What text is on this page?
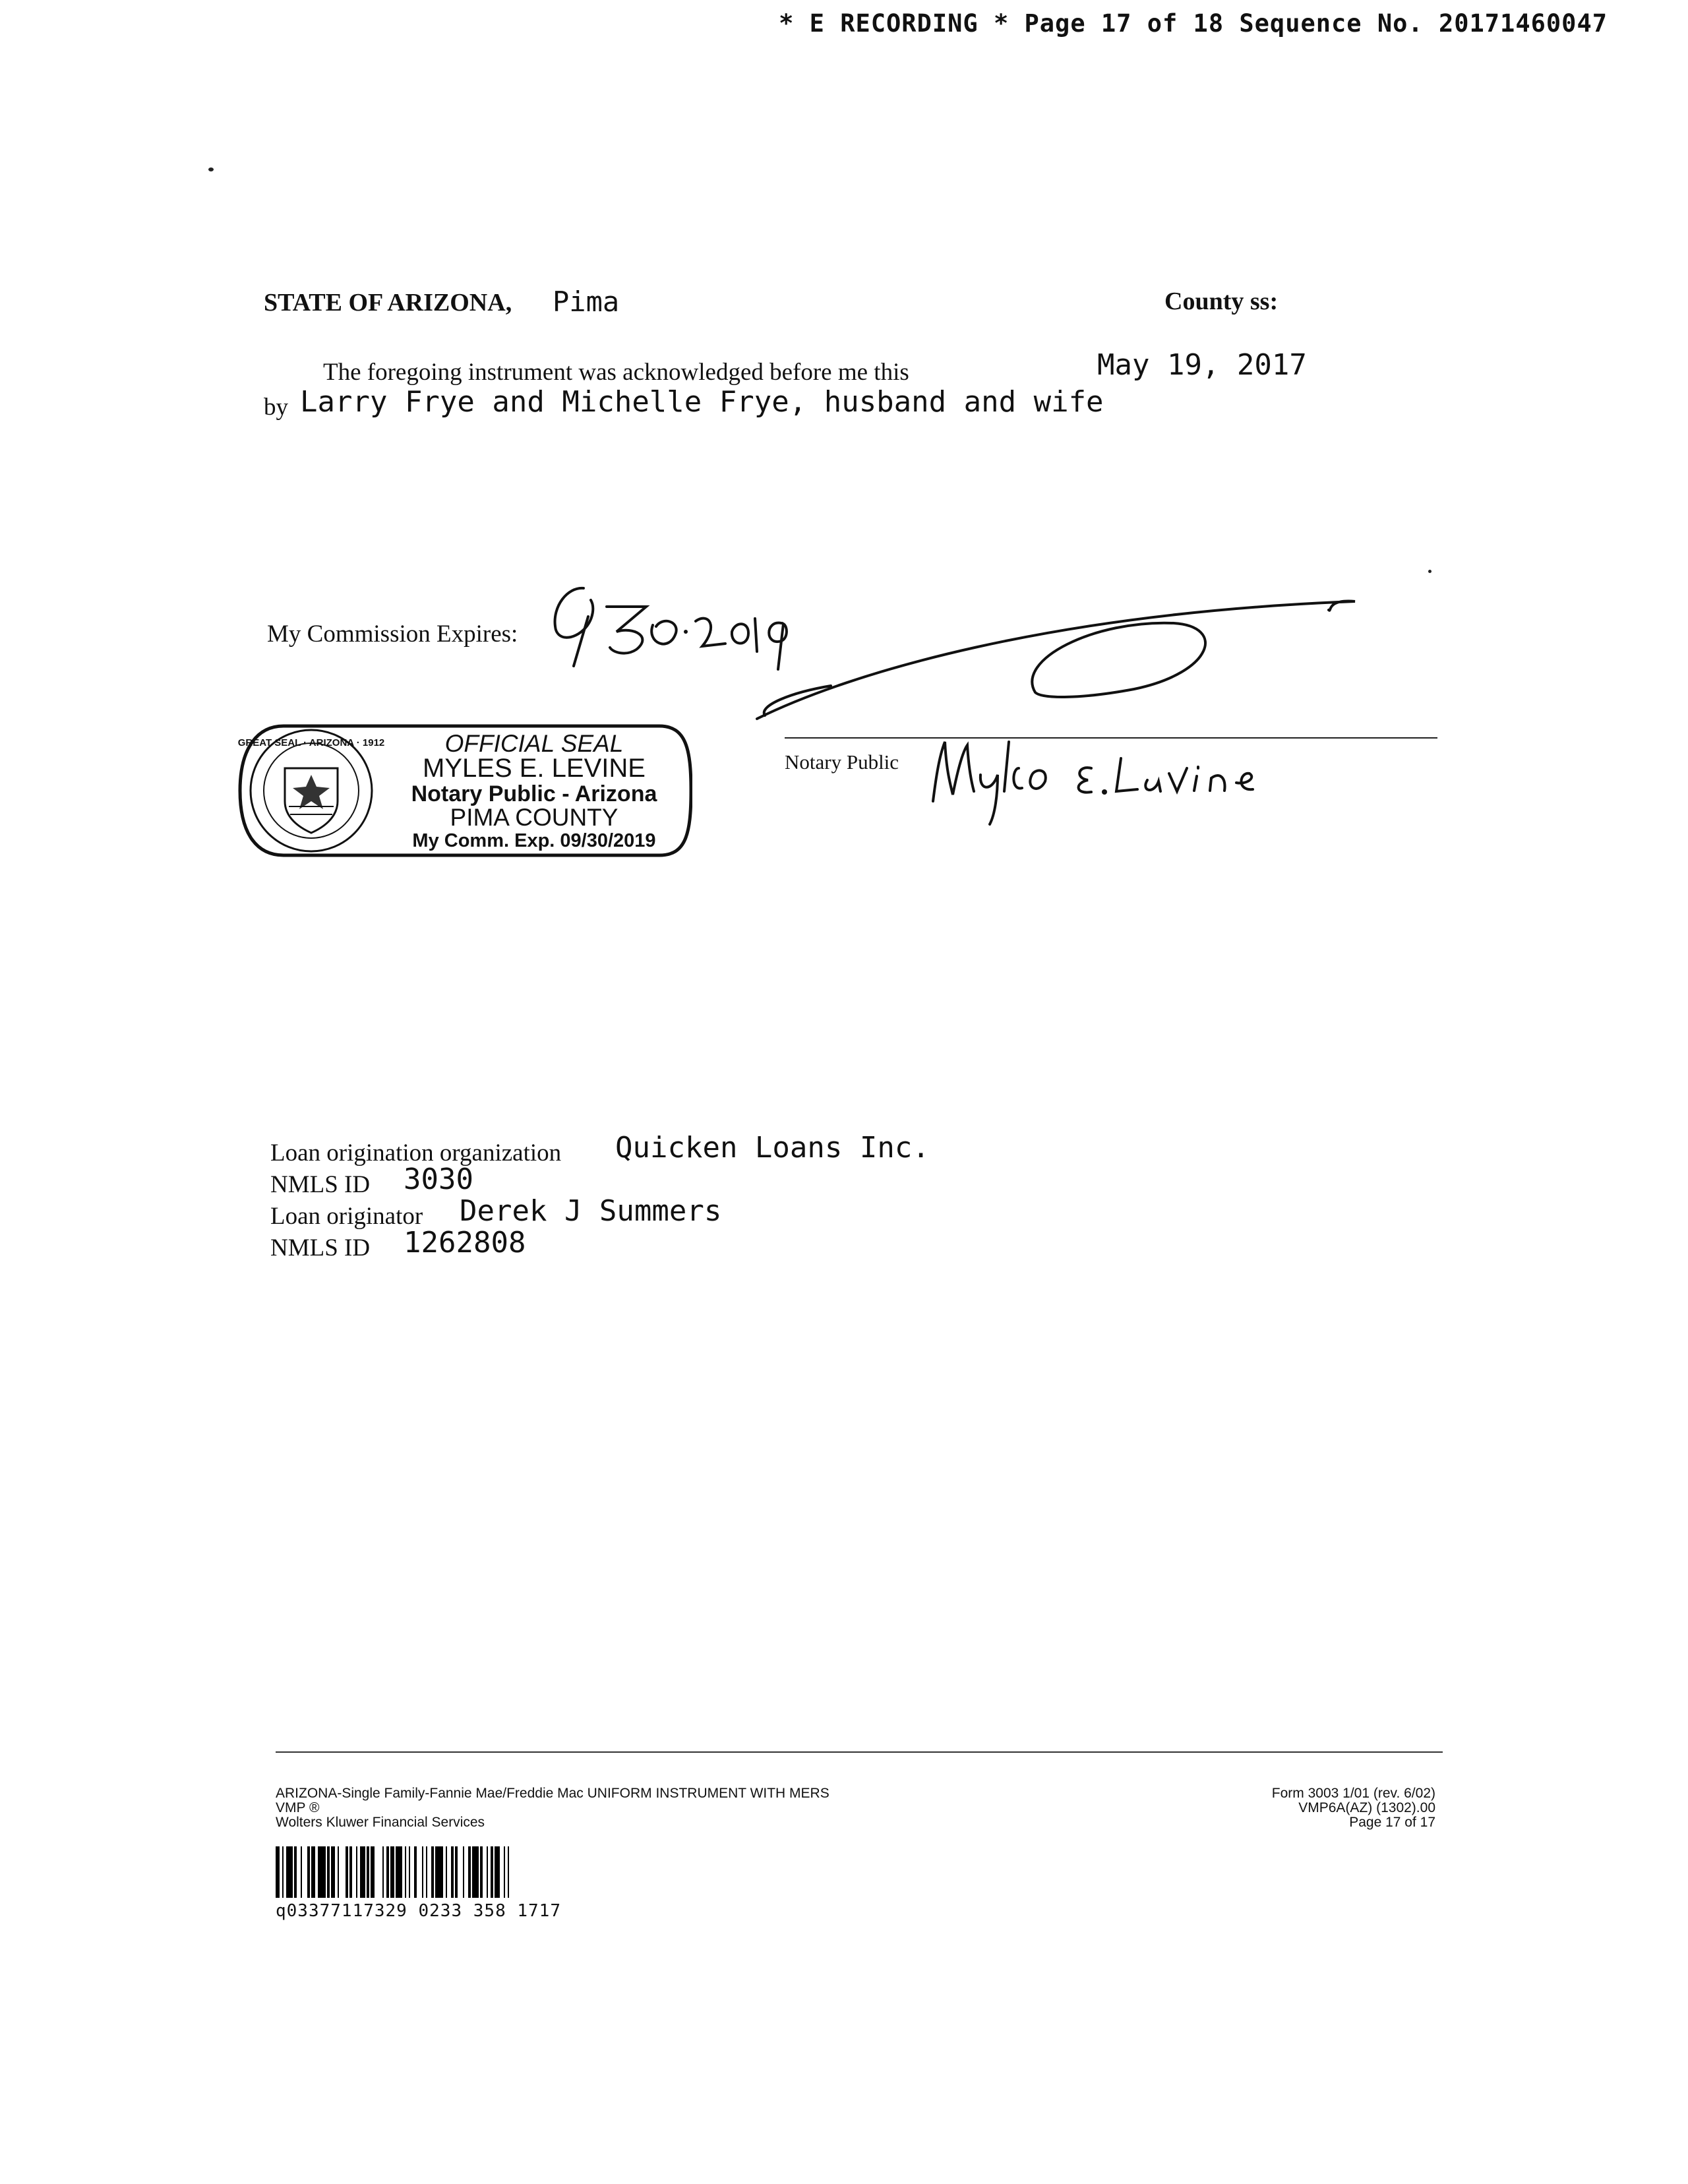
* E RECORDING * Page 17 of 18 Sequence No. 20171460047
STATE OF ARIZONA, Pima	County ss:
The foregoing instrument was acknowledged before me this	May 19, 2017
by Larry Frye and Michelle Frye, husband and wife
My Commission Expires:
GREAT SEAL · ARIZONA · 1912	OFFICIAL SEAL
MYLES E. LEVINE
Notary Public - Arizona
PIMA COUNTY
My Comm. Exp. 09/30/2019
Notary Public
Loan origination organization Quicken Loans Inc.
NMLS ID 3030
Loan originator Derek J Summers
NMLS ID 1262808
ARIZONA-Single Family-Fannie Mae/Freddie Mac UNIFORM INSTRUMENT WITH MERS
VMP ®
Wolters Kluwer Financial Services
Form 3003 1/01 (rev. 6/02)
VMP6A(AZ) (1302).00
Page 17 of 17
q03377117329 0233 358 1717
